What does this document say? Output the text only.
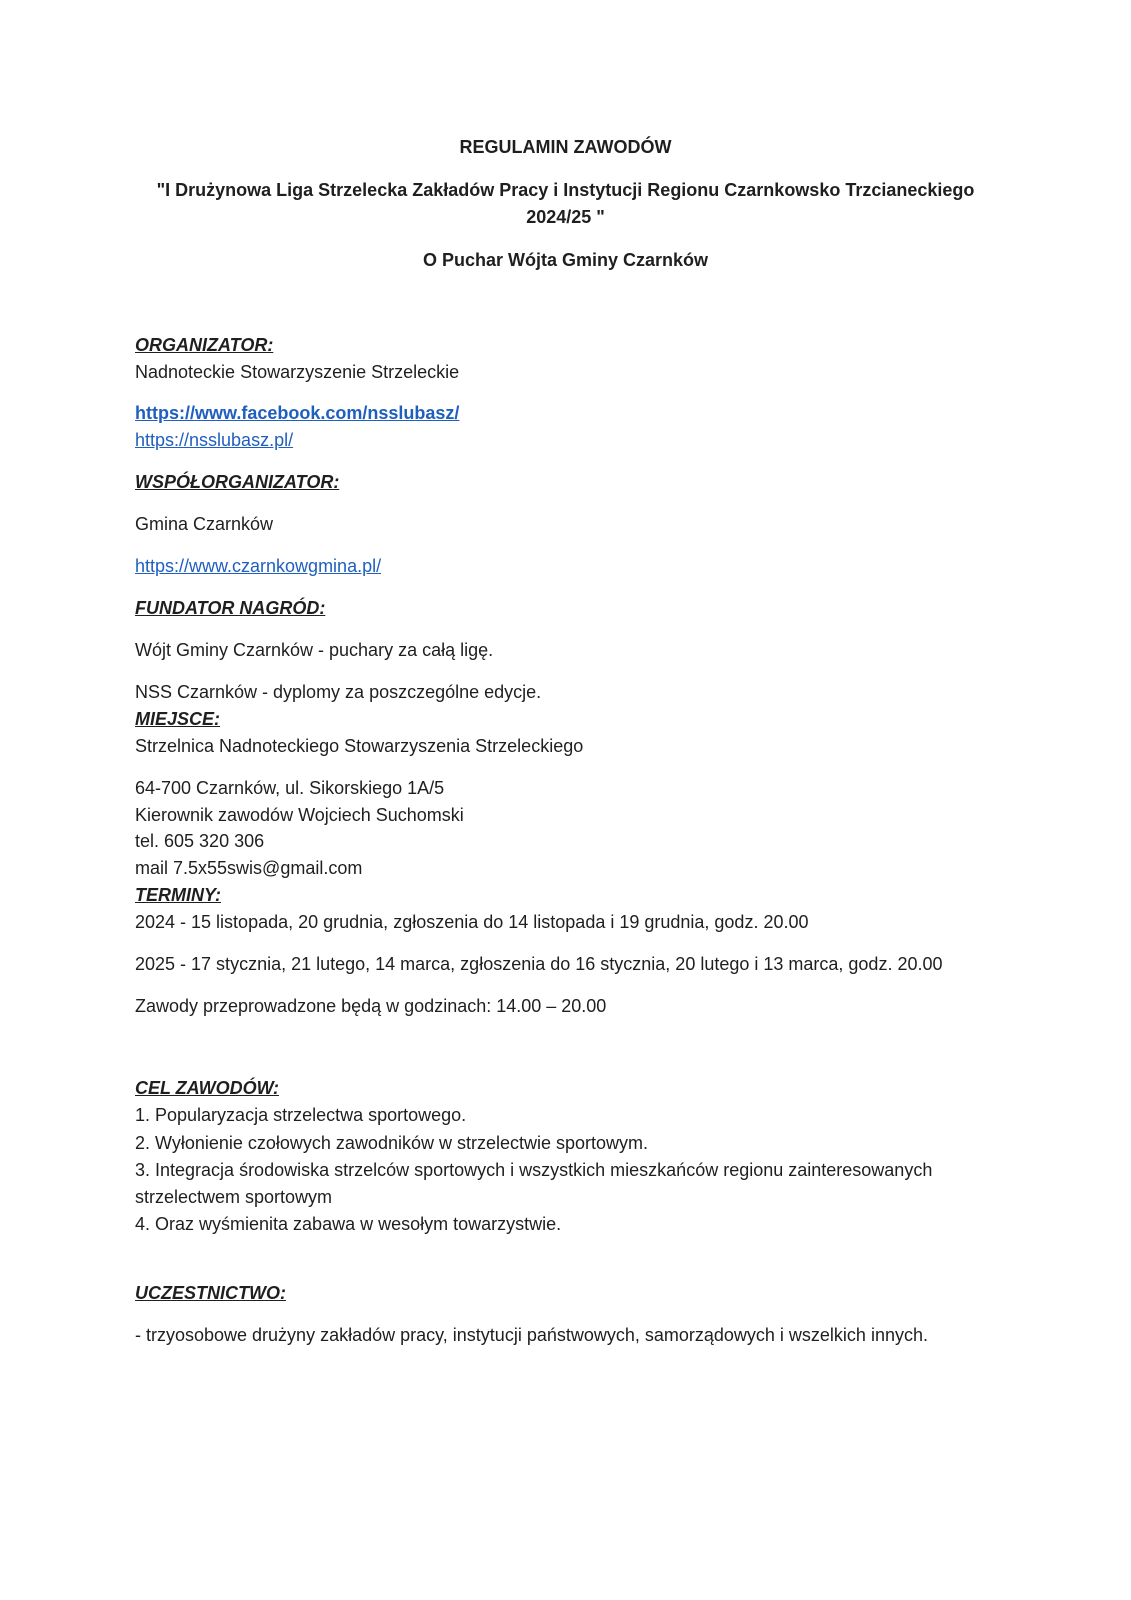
REGULAMIN ZAWODÓW
"I Drużynowa Liga Strzelecka Zakładów Pracy i Instytucji Regionu Czarnkowsko Trzcianeckiego
2024/25 "
O Puchar Wójta Gminy Czarnków
ORGANIZATOR:
Nadnoteckie Stowarzyszenie Strzeleckie
https://www.facebook.com/nsslubasz/
https://nsslubasz.pl/
WSPÓŁORGANIZATOR:
Gmina Czarnków
https://www.czarnkowgmina.pl/
FUNDATOR NAGRÓD:
Wójt Gminy Czarnków - puchary za całą ligę.
NSS Czarnków - dyplomy za poszczególne edycje.
MIEJSCE:
Strzelnica Nadnoteckiego Stowarzyszenia Strzeleckiego
64-700 Czarnków, ul. Sikorskiego 1A/5
Kierownik zawodów Wojciech Suchomski
tel. 605 320 306
mail 7.5x55swis@gmail.com
TERMINY:
2024 - 15 listopada, 20 grudnia, zgłoszenia do 14 listopada i 19 grudnia, godz. 20.00
2025 - 17 stycznia, 21 lutego, 14 marca, zgłoszenia do 16 stycznia, 20 lutego i 13 marca, godz. 20.00
Zawody przeprowadzone będą w godzinach: 14.00 – 20.00
CEL ZAWODÓW:
1. Popularyzacja strzelectwa sportowego.
2. Wyłonienie czołowych zawodników w strzelectwie sportowym.
3. Integracja środowiska strzelców sportowych i wszystkich mieszkańców regionu zainteresowanych
strzelectwem sportowym
4. Oraz wyśmienita zabawa w wesołym towarzystwie.
UCZESTNICTWO:
- trzyosobowe drużyny zakładów pracy, instytucji państwowych, samorządowych i wszelkich innych.
